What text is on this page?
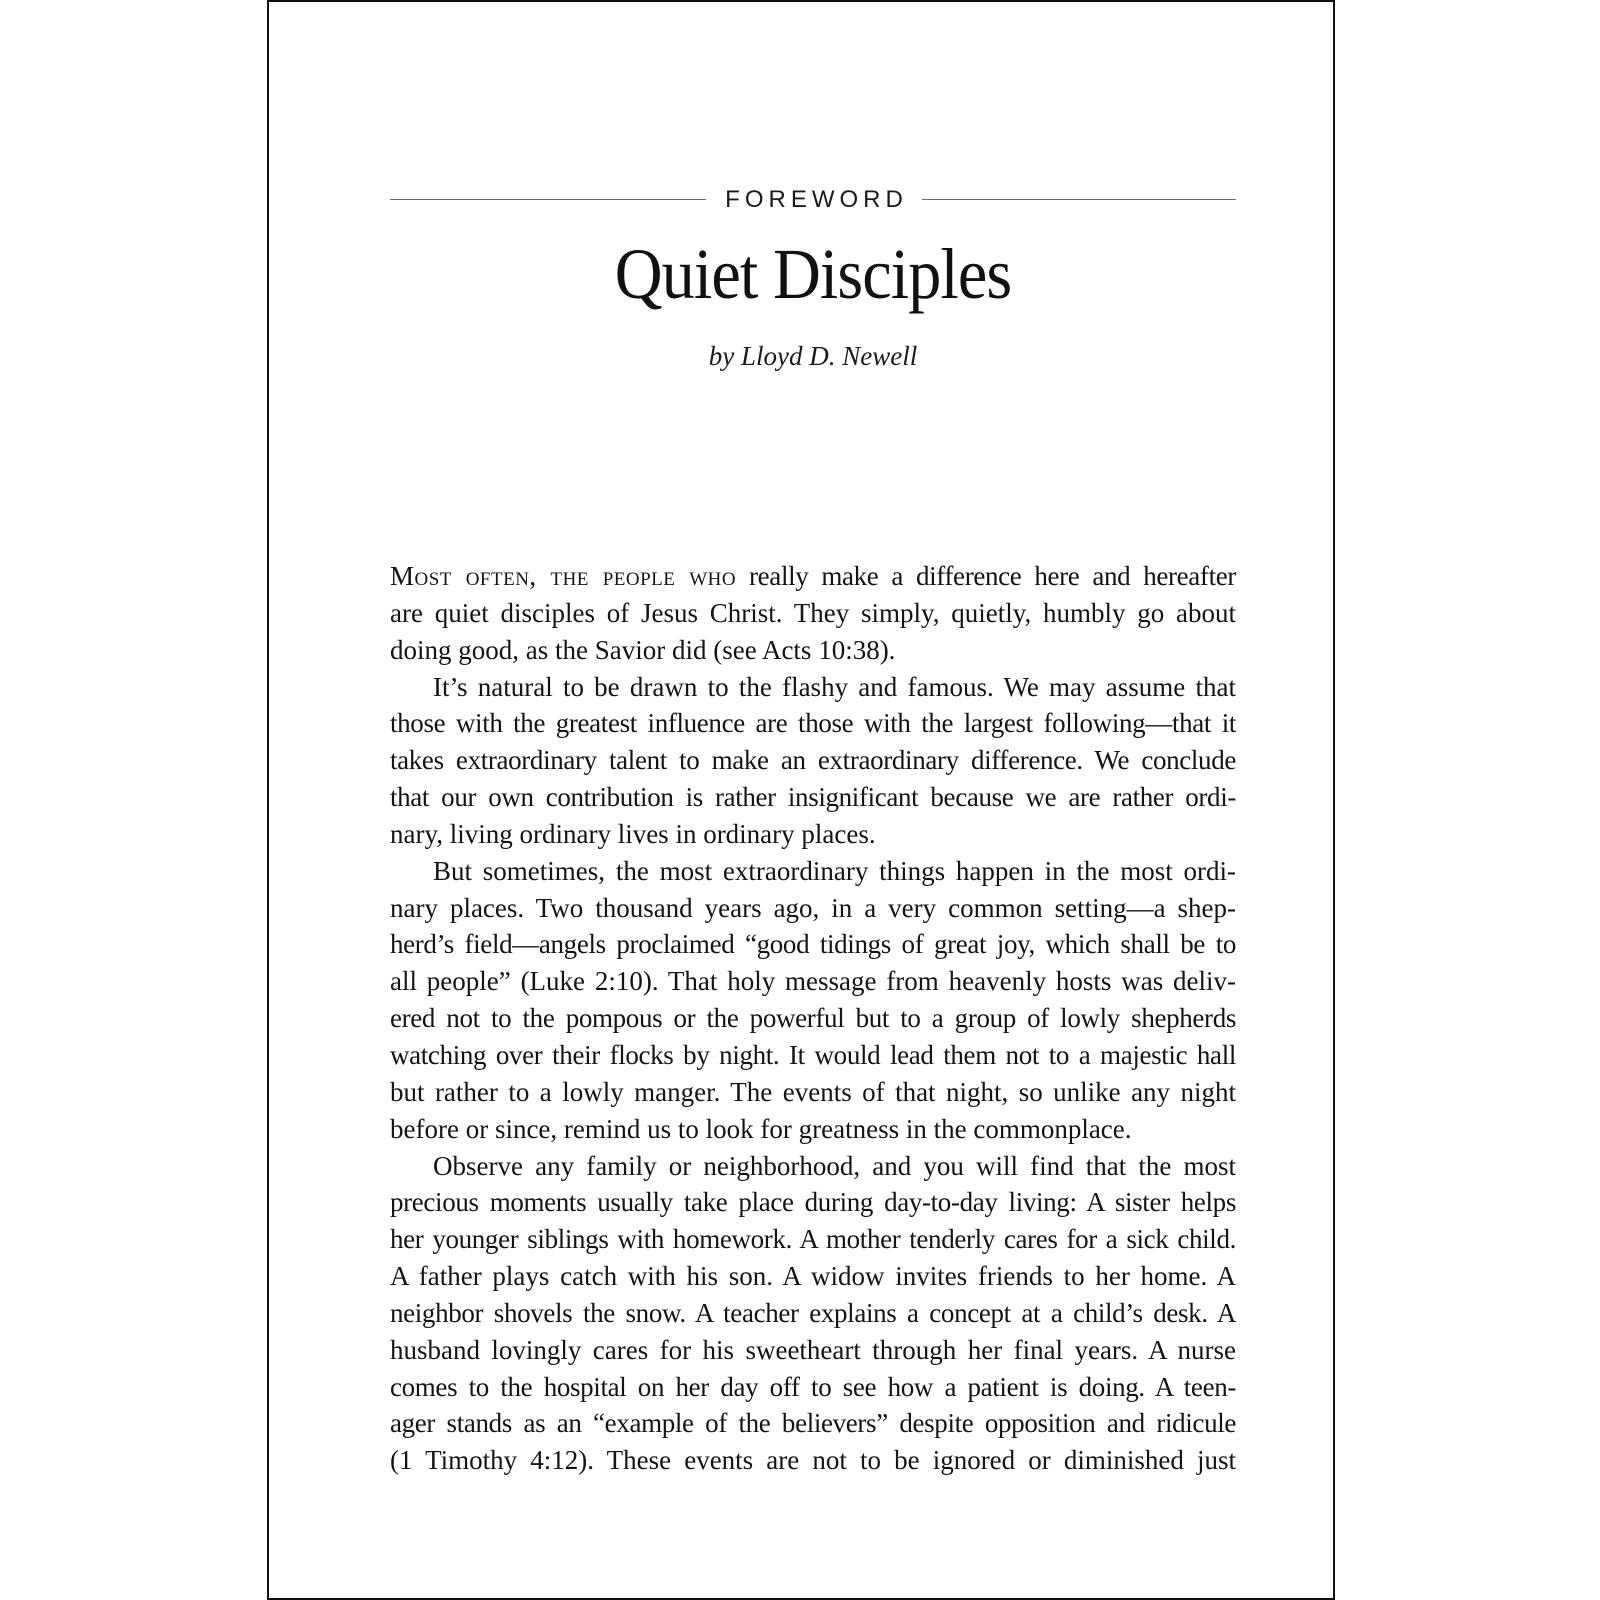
FOREWORD
Quiet Disciples
by Lloyd D. Newell
Most often, the people who really make a difference here and hereafter
are quiet disciples of Jesus Christ. They simply, quietly, humbly go about
doing good, as the Savior did (see Acts 10:38).
It’s natural to be drawn to the flashy and famous. We may assume that
those with the greatest influence are those with the largest following—that it
takes extraordinary talent to make an extraordinary difference. We conclude
that our own contribution is rather insignificant because we are rather ordi-
nary, living ordinary lives in ordinary places.
But sometimes, the most extraordinary things happen in the most ordi-
nary places. Two thousand years ago, in a very common setting—a shep-
herd’s field—angels proclaimed “good tidings of great joy, which shall be to
all people” (Luke 2:10). That holy message from heavenly hosts was deliv-
ered not to the pompous or the powerful but to a group of lowly shepherds
watching over their flocks by night. It would lead them not to a majestic hall
but rather to a lowly manger. The events of that night, so unlike any night
before or since, remind us to look for greatness in the commonplace.
Observe any family or neighborhood, and you will find that the most
precious moments usually take place during day-to-day living: A sister helps
her younger siblings with homework. A mother tenderly cares for a sick child.
A father plays catch with his son. A widow invites friends to her home. A
neighbor shovels the snow. A teacher explains a concept at a child’s desk. A
husband lovingly cares for his sweetheart through her final years. A nurse
comes to the hospital on her day off to see how a patient is doing. A teen-
ager stands as an “example of the believers” despite opposition and ridicule
(1 Timothy 4:12). These events are not to be ignored or diminished just
